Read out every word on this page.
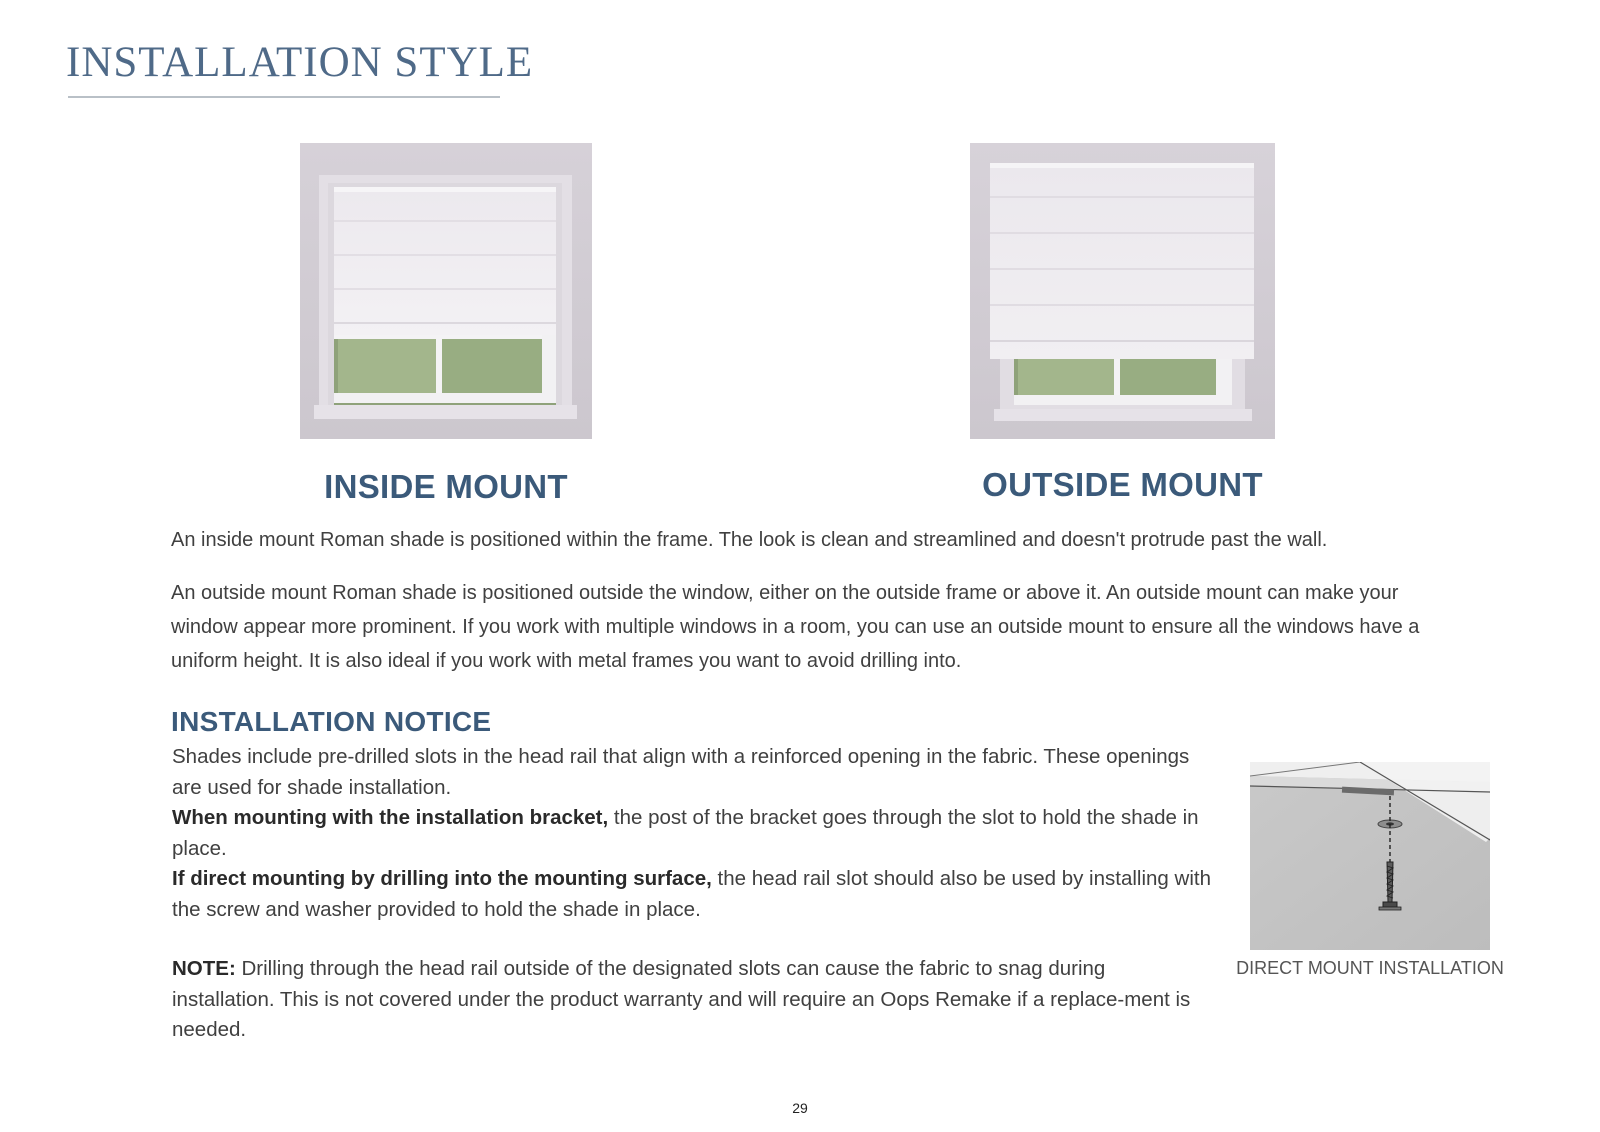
INSTALLATION STYLE
INSIDE MOUNT	OUTSIDE MOUNT

An inside mount Roman shade is positioned within the frame. The look is clean and streamlined and doesn't protrude past the wall.

An outside mount Roman shade is positioned outside the window, either on the outside frame or above it. An outside mount can make your window appear more prominent. If you work with multiple windows in a room, you can use an outside mount to ensure all the windows have a uniform height. It is also ideal if you work with metal frames you want to avoid drilling into.

INSTALLATION NOTICE
Shades include pre-drilled slots in the head rail that align with a reinforced opening in the fabric. These openings are used for shade installation.
When mounting with the installation bracket, the post of the bracket goes through the slot to hold the shade in place.
If direct mounting by drilling into the mounting surface, the head rail slot should also be used by installing with the screw and washer provided to hold the shade in place.
NOTE: Drilling through the head rail outside of the designated slots can cause the fabric to snag during installation. This is not covered under the product warranty and will require an Oops Remake if a replace-ment is needed.
DIRECT MOUNT INSTALLATION
29
